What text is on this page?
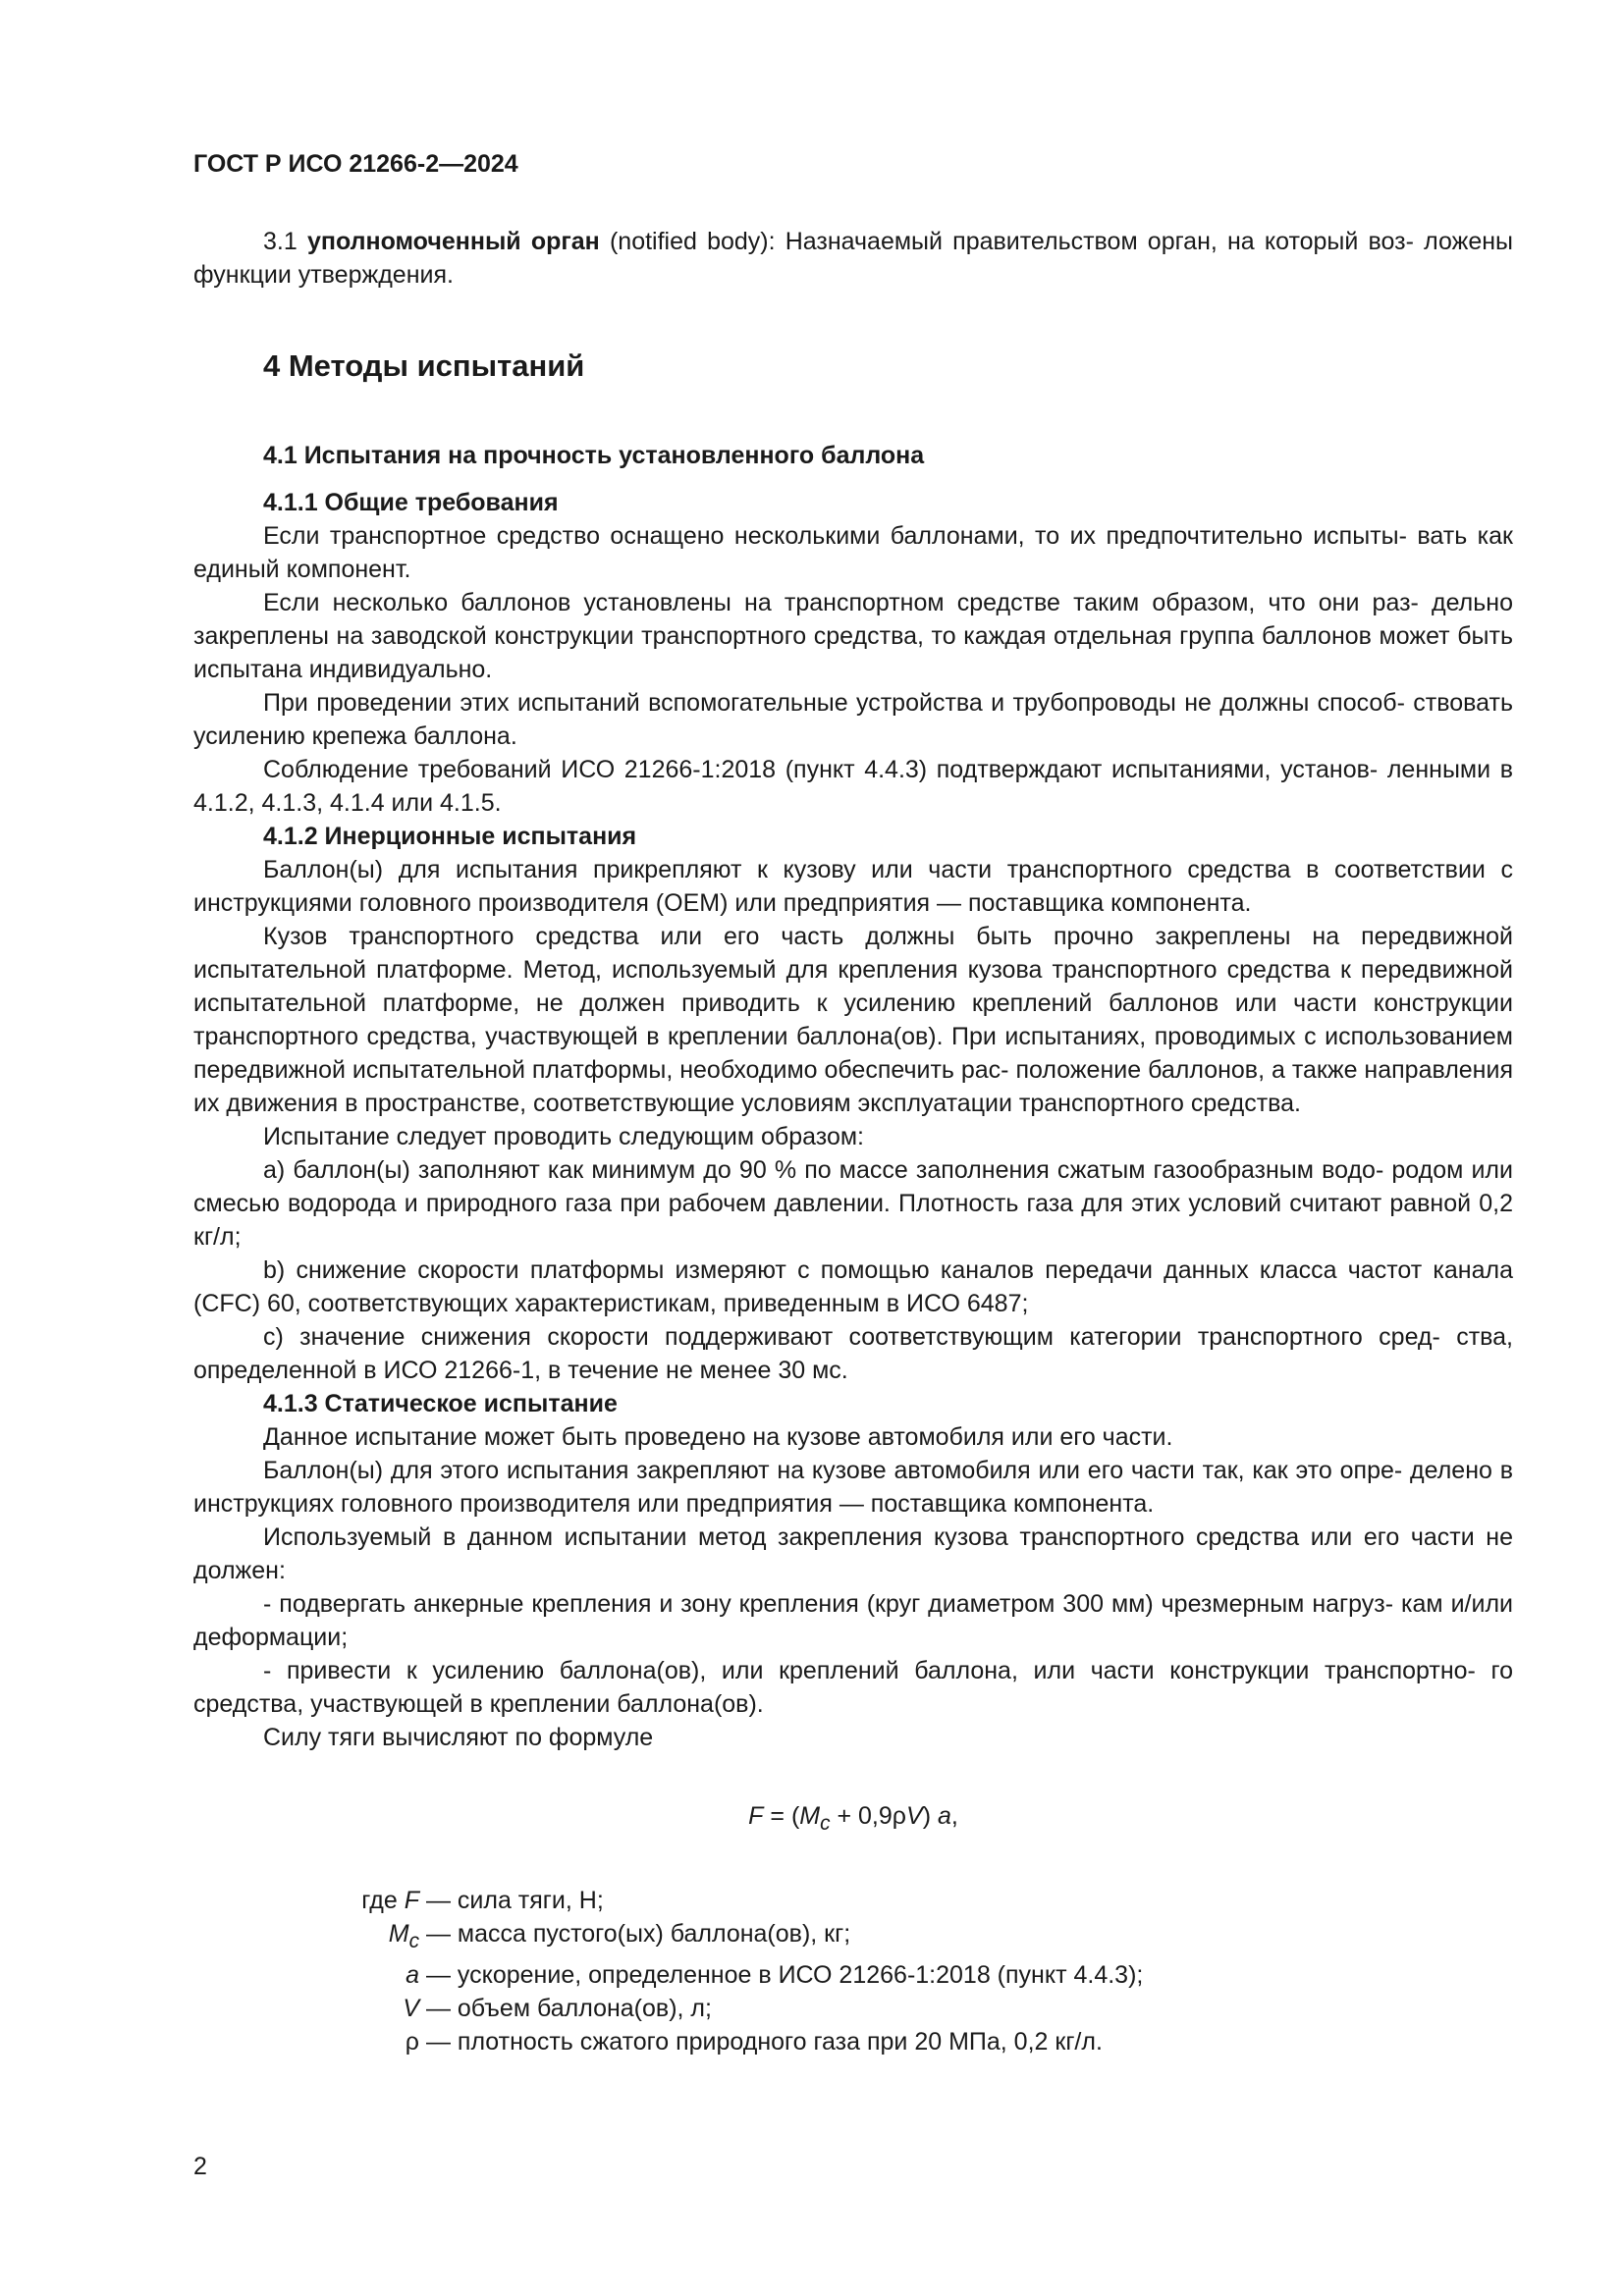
ГОСТ Р ИСО 21266-2—2024

3.1 уполномоченный орган (notified body): Назначаемый правительством орган, на который воз- ложены функции утверждения.

4 Методы испытаний
4.1 Испытания на прочность установленного баллона
4.1.1 Общие требования

Если транспортное средство оснащено несколькими баллонами, то их предпочтительно испыты- вать как единый компонент.

Если несколько баллонов установлены на транспортном средстве таким образом, что они раз- дельно закреплены на заводской конструкции транспортного средства, то каждая отдельная группа баллонов может быть испытана индивидуально.

При проведении этих испытаний вспомогательные устройства и трубопроводы не должны способ- ствовать усилению крепежа баллона.

Соблюдение требований ИСО 21266-1:2018 (пункт 4.4.3) подтверждают испытаниями, установ- ленными в 4.1.2, 4.1.3, 4.1.4 или 4.1.5.

4.1.2 Инерционные испытания

Баллон(ы) для испытания прикрепляют к кузову или части транспортного средства в соответствии с инструкциями головного производителя (OEM) или предприятия — поставщика компонента.

Кузов транспортного средства или его часть должны быть прочно закреплены на передвижной испытательной платформе. Метод, используемый для крепления кузова транспортного средства к передвижной испытательной платформе, не должен приводить к усилению креплений баллонов или части конструкции транспортного средства, участвующей в креплении баллона(ов). При испытаниях, проводимых с использованием передвижной испытательной платформы, необходимо обеспечить рас- положение баллонов, а также направления их движения в пространстве, соответствующие условиям эксплуатации транспортного средства.

Испытание следует проводить следующим образом:

a) баллон(ы) заполняют как минимум до 90 % по массе заполнения сжатым газообразным водо- родом или смесью водорода и природного газа при рабочем давлении. Плотность газа для этих условий считают равной 0,2 кг/л;

b) снижение скорости платформы измеряют с помощью каналов передачи данных класса частот канала (CFC) 60, соответствующих характеристикам, приведенным в ИСО 6487;

c) значение снижения скорости поддерживают соответствующим категории транспортного сред- ства, определенной в ИСО 21266-1, в течение не менее 30 мс.

4.1.3 Статическое испытание

Данное испытание может быть проведено на кузове автомобиля или его части.

Баллон(ы) для этого испытания закрепляют на кузове автомобиля или его части так, как это опре- делено в инструкциях головного производителя или предприятия — поставщика компонента.

Используемый в данном испытании метод закрепления кузова транспортного средства или его части не должен:

- подвергать анкерные крепления и зону крепления (круг диаметром 300 мм) чрезмерным нагруз- кам и/или деформации;

- привести к усилению баллона(ов), или креплений баллона, или части конструкции транспортно- го средства, участвующей в креплении баллона(ов).

Силу тяги вычисляют по формуле

$F = (M_c + 0,9\rho V)$ a,

где F — сила тяги, Н;
$M_c$ — масса пустого(ых) баллона(ов), кг;
a — ускорение, определенное в ИСО 21266-1:2018 (пункт 4.4.3);
V — объем баллона(ов), л;
ρ — плотность сжатого природного газа при 20 МПа, 0,2 кг/л.
2
